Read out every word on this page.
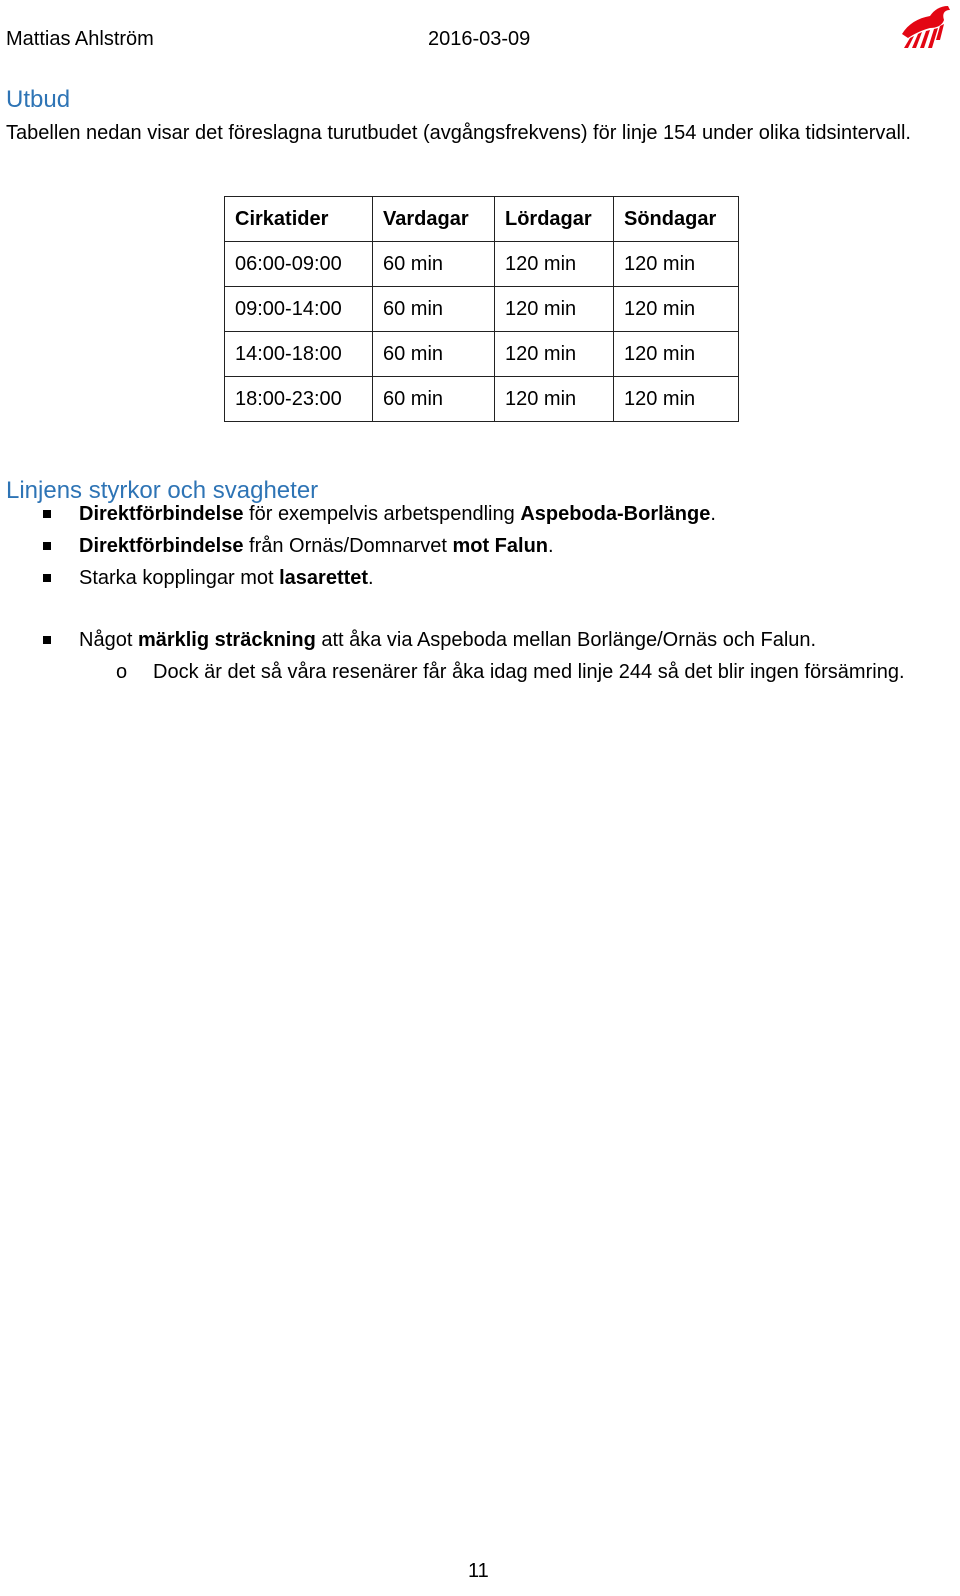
Mattias Ahlström	2016-03-09
Utbud
Tabellen nedan visar det föreslagna turutbudet (avgångsfrekvens) för linje 154 under olika tidsintervall.
Cirkatider	Vardagar	Lördagar	Söndagar
06:00-09:00	60 min	120 min	120 min
09:00-14:00	60 min	120 min	120 min
14:00-18:00	60 min	120 min	120 min
18:00-23:00	60 min	120 min	120 min
Linjens styrkor och svagheter
Direktförbindelse för exempelvis arbetspendling Aspeboda-Borlänge.
Direktförbindelse från Ornäs/Domnarvet mot Falun.
Starka kopplingar mot lasarettet.
Något märklig sträckning att åka via Aspeboda mellan Borlänge/Ornäs och Falun.
o Dock är det så våra resenärer får åka idag med linje 244 så det blir ingen försämring.
11
